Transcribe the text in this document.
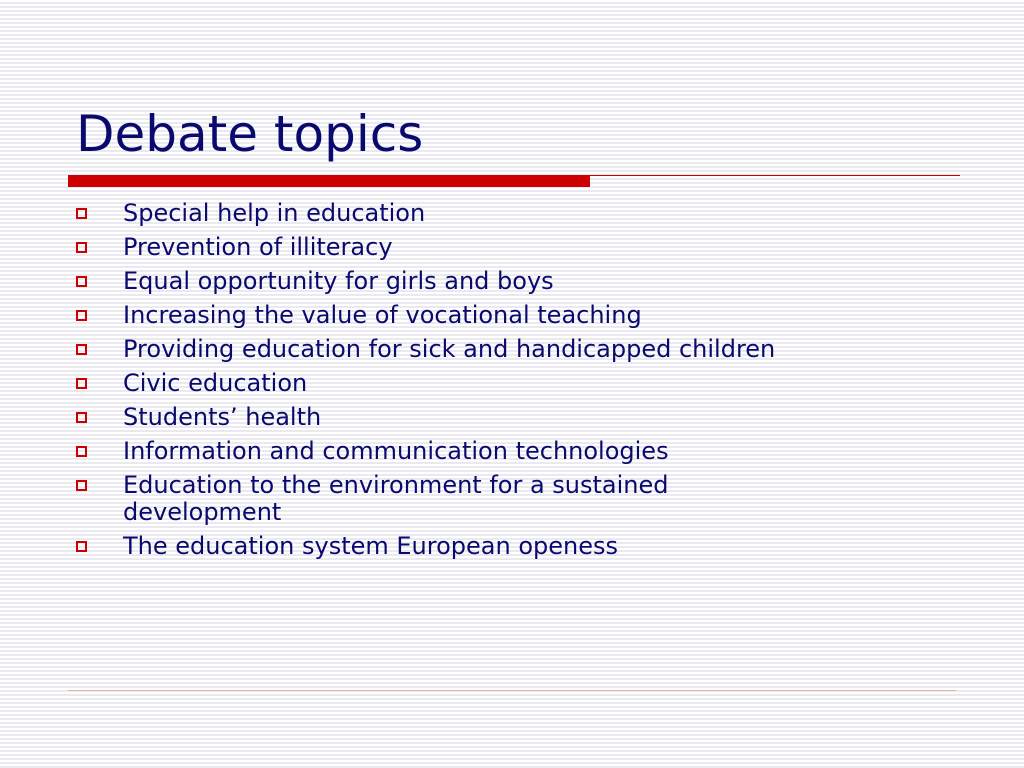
Debate topics
Special help in education
Prevention of illiteracy
Equal opportunity for girls and boys
Increasing the value of vocational teaching
Providing education for sick and handicapped children
Civic education
Students’ health
Information and communication technologies
Education to the environment for a sustained development
The education system European openess
